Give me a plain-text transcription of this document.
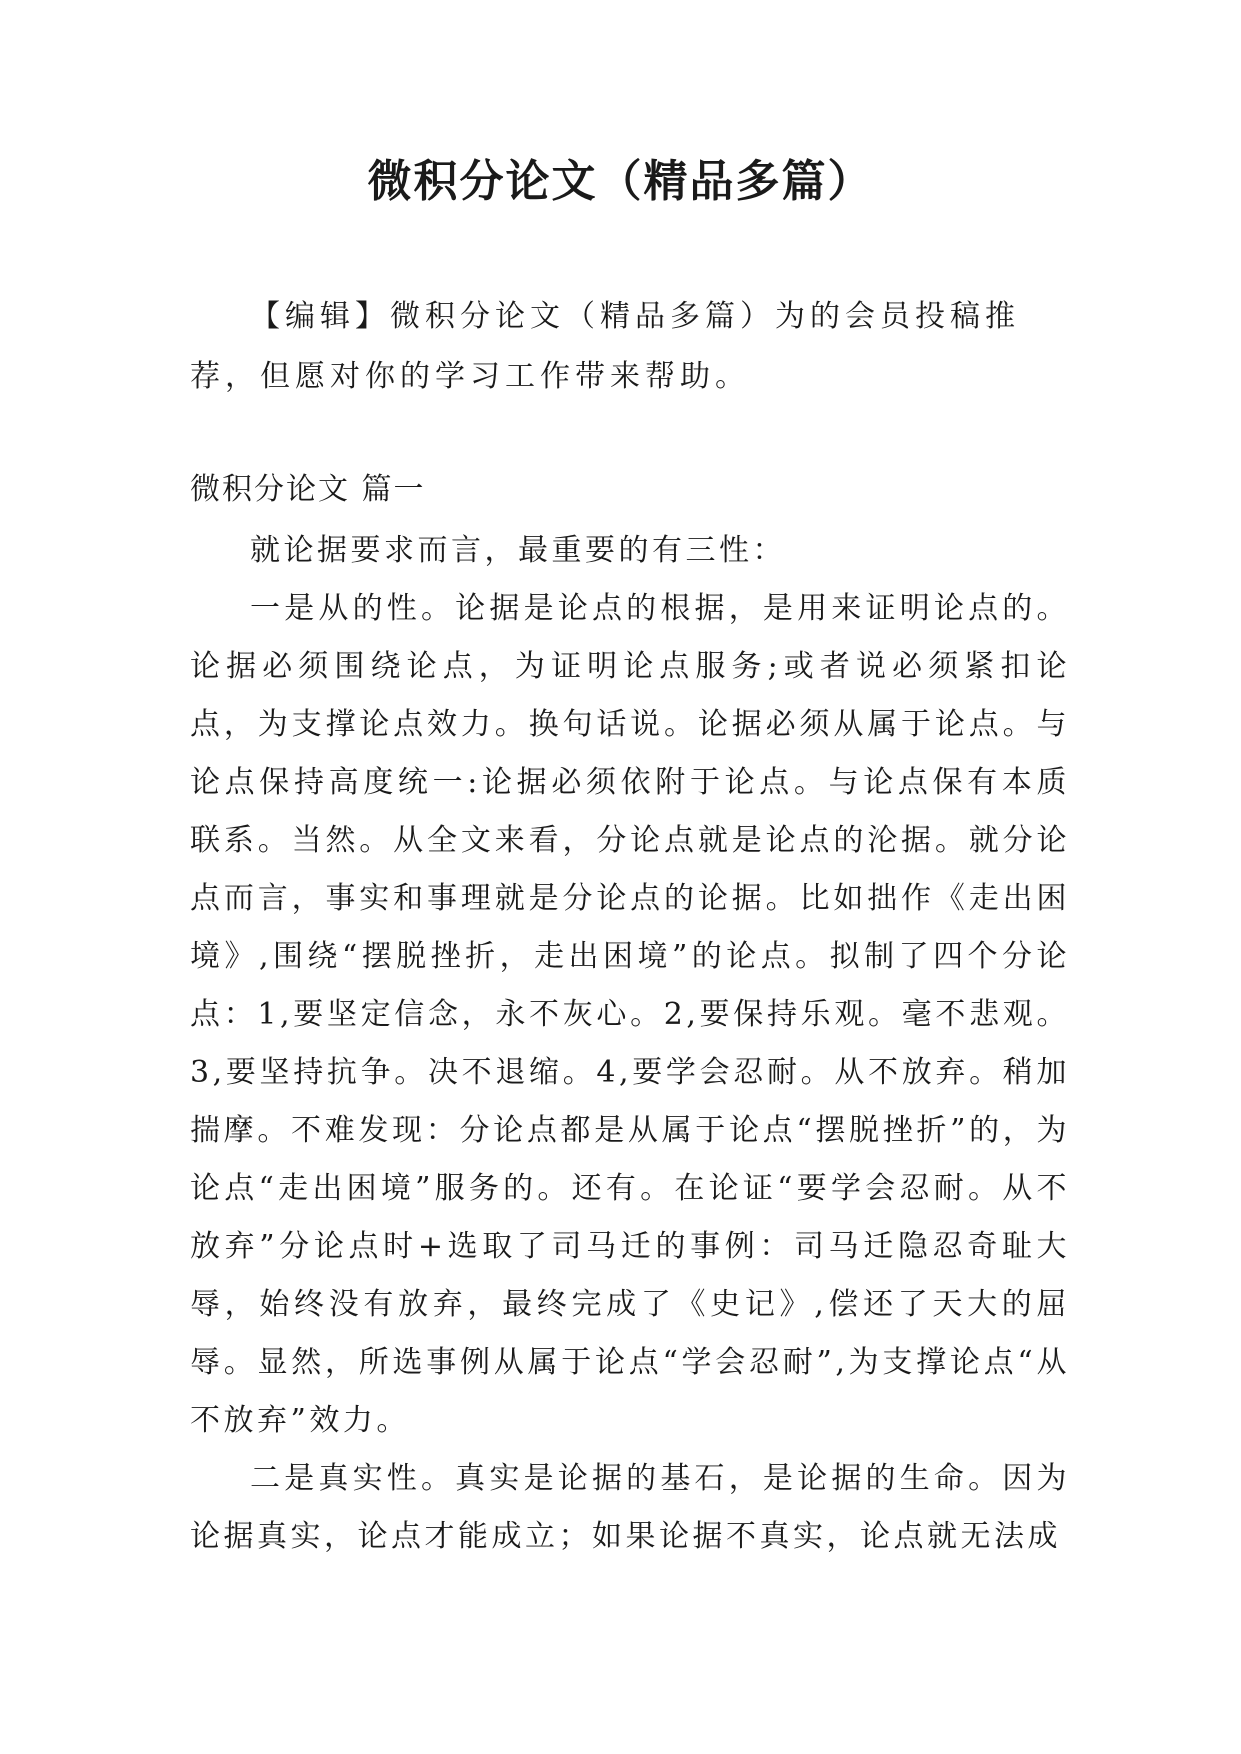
微积分论文（精品多篇）

【编辑】微积分论文（精品多篇）为的会员投稿推荐，但愿对你的学习工作带来帮助。

微积分论文 篇一

就论据要求而言，最重要的有三性：

一是从的性。论据是论点的根据，是用来证明论点的。论据必须围绕论点，为证明论点服务;或者说必须紧扣论点，为支撑论点效力。换句话说。论据必须从属于论点。与论点保持高度统一:论据必须依附于论点。与论点保有本质联系。当然。从全文来看，分论点就是论点的沦据。就分论点而言，事实和事理就是分论点的论据。比如拙作《走出困境》,围绕“摆脱挫折，走出困境”的论点。拟制了四个分论点：1,要坚定信念，永不灰心。2,要保持乐观。毫不悲观。3,要坚持抗争。决不退缩。4,要学会忍耐。从不放弃。稍加揣摩。不难发现：分论点都是从属于论点“摆脱挫折”的，为论点“走出困境”服务的。还有。在论证“要学会忍耐。从不放弃”分论点时+选取了司马迁的事例：司马迁隐忍奇耻大辱，始终没有放弃，最终完成了《史记》,偿还了天大的屈辱。显然，所选事例从属于论点“学会忍耐”,为支撑论点“从不放弃”效力。

二是真实性。真实是论据的基石，是论据的生命。因为论据真实，论点才能成立；如果论据不真实，论点就无法成
